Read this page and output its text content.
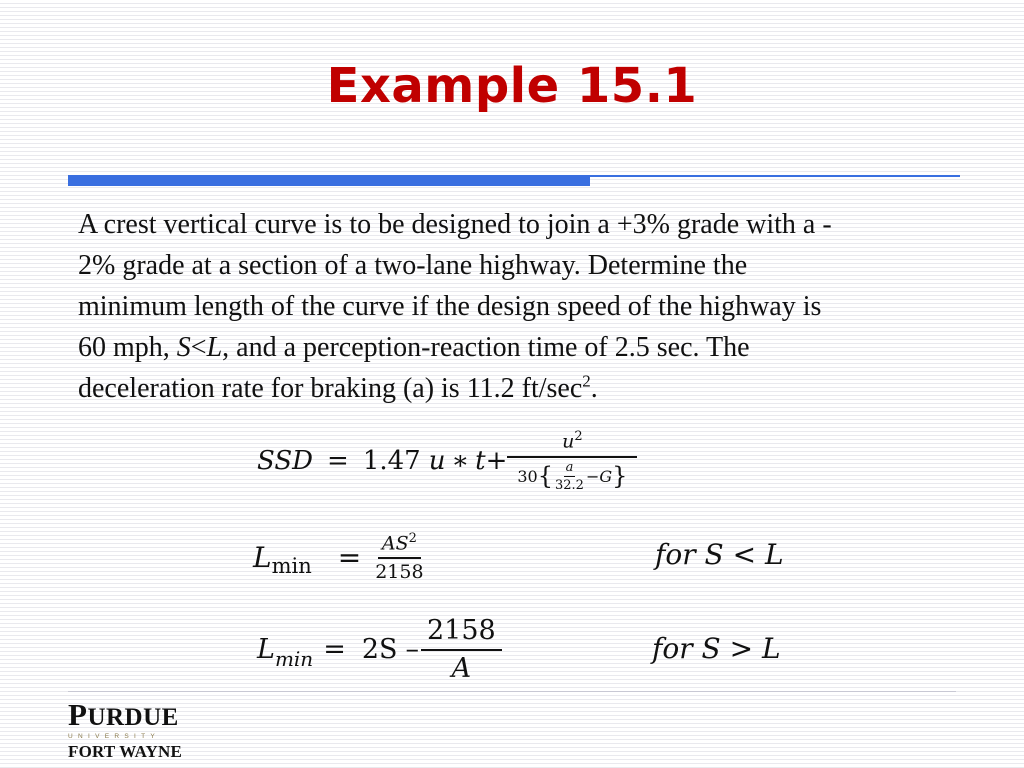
Example 15.1
A crest vertical curve is to be designed to join a +3% grade with a -
2% grade at a section of a two-lane highway. Determine the
minimum length of the curve if the design speed of the highway is
60 mph, S<L, and a perception-reaction time of 2.5 sec. The
deceleration rate for braking (a) is 11.2 $ft/\sec^2$.
SSD = 1.47 u ∗ t +
$u^2$
30 { $\frac{a}{32.2} - G$ }
L $\min = \frac{AS^2}{2158}$	for S < L
L $\min = 2S - \frac{2158}{A}$	for S > L
PURDUE
UNIVERSITY
FORT WAYNE
